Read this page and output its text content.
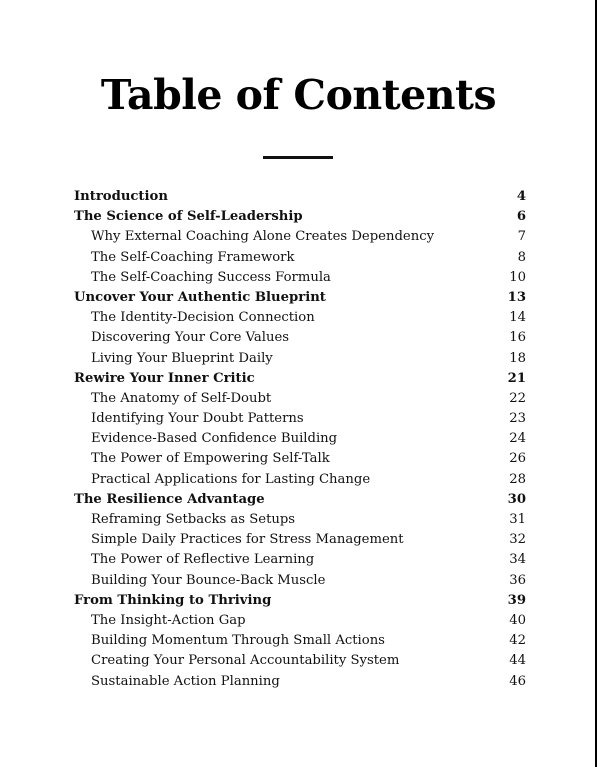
Table of Contents
Introduction	4
The Science of Self-Leadership	6
Why External Coaching Alone Creates Dependency	7
The Self-Coaching Framework	8
The Self-Coaching Success Formula	10
Uncover Your Authentic Blueprint	13
The Identity-Decision Connection	14
Discovering Your Core Values	16
Living Your Blueprint Daily	18
Rewire Your Inner Critic	21
The Anatomy of Self-Doubt	22
Identifying Your Doubt Patterns	23
Evidence-Based Confidence Building	24
The Power of Empowering Self-Talk	26
Practical Applications for Lasting Change	28
The Resilience Advantage	30
Reframing Setbacks as Setups	31
Simple Daily Practices for Stress Management	32
The Power of Reflective Learning	34
Building Your Bounce-Back Muscle	36
From Thinking to Thriving	39
The Insight-Action Gap	40
Building Momentum Through Small Actions	42
Creating Your Personal Accountability System	44
Sustainable Action Planning	46
